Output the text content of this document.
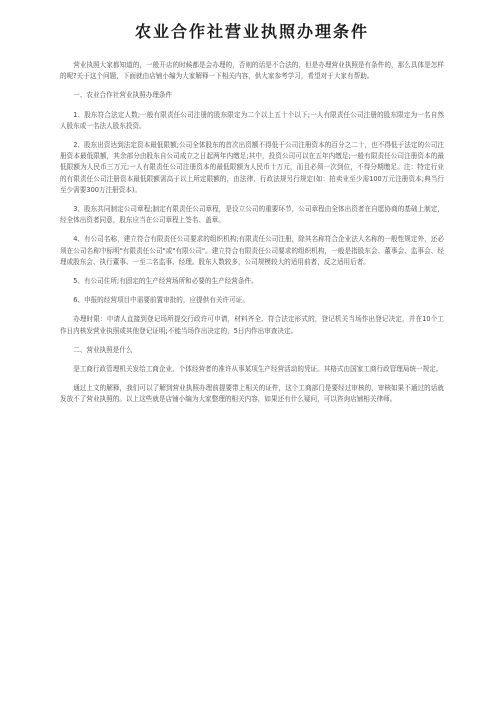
农业合作社营业执照办理条件

营业执照大家都知道的，一般开店的时候都是会办理的，否则的话是不合法的，但是办理营业执照是有条件的，那么具体是怎样的呢?关于这个问题，下面就由店铺小编为大家解释一下相关内容，供大家参考学习，希望对于大家有帮助。

一、农业合作社营业执照办理条件

1、股东符合法定人数;一般有限责任公司注册的股东限定为二个以上五十个以下;一人有限责任公司注册的股东限定为一名自然人股东或一名法人股东投资。

2、股东出资达到法定资本最低限额;公司全体股东的首次出资额不得低于公司注册资本的百分之二十，也不得低于法定的公司注册资本最低限额，其余部分由股东自公司成立之日起两年内缴足;其中，投资公司可以在五年内缴足;一般有限责任公司注册资本的最低限额为人民币三万元;一人有限责任公司注册资本的最低限额为人民币十万元，而且必须一次到位，不得分期缴足。注：特定行业的有限责任公司注册资本最低限额需高于以上所定限额的，由法律、行政法规另行规定(如：拍卖业至少需100万元注册资本;典当行至少需要300万注册资本)。

3、股东共同制定公司章程;制定有限责任公司章程，是设立公司的重要环节，公司章程由全体出资者在自愿协商的基础上制定，经全体出资者同意，股东应当在公司章程上签名、盖章。

4、有公司名称，建立符合有限责任公司要求的组织机构;有限责任公司注册，除其名称符合企业法人名称的一般性规定外，还必须在公司名称中标明"有限责任公司"或"有限公司"。建立符合有限责任公司要求的组织机构，一般是指股东会、董事会、监事会、经理或股东会、执行董事、一至二名监事、经理。股东人数较多，公司规模较大的适用前者，反之适用后者。

5、有公司住所;有固定的生产经营场所和必要的生产经营条件。

6、申报的经营项目中需要前置审批的，应提供有关许可证。

办理时限：申请人直接到登记场所提交行政许可申请，材料齐全、符合法定形式的，登记机关当场作出登记决定，并在10个工作日内核发营业执照或其他登记证明;不能当场作出决定的，5日内作出审查决定。

二、营业执照是什么

是工商行政管理机关发给工商企业、个体经营者的准许从事某项生产经营活动的凭证。其格式由国家工商行政管理局统一规定。

通过上文的解释，我们可以了解到营业执照办理前提要带上相关的证件，这个工商部门是要经过审核的，审核如果不通过的话就发放不了营业执照的。以上这些就是店铺小编为大家整理的相关内容，如果还有什么疑问，可以咨询店铺相关律师。
